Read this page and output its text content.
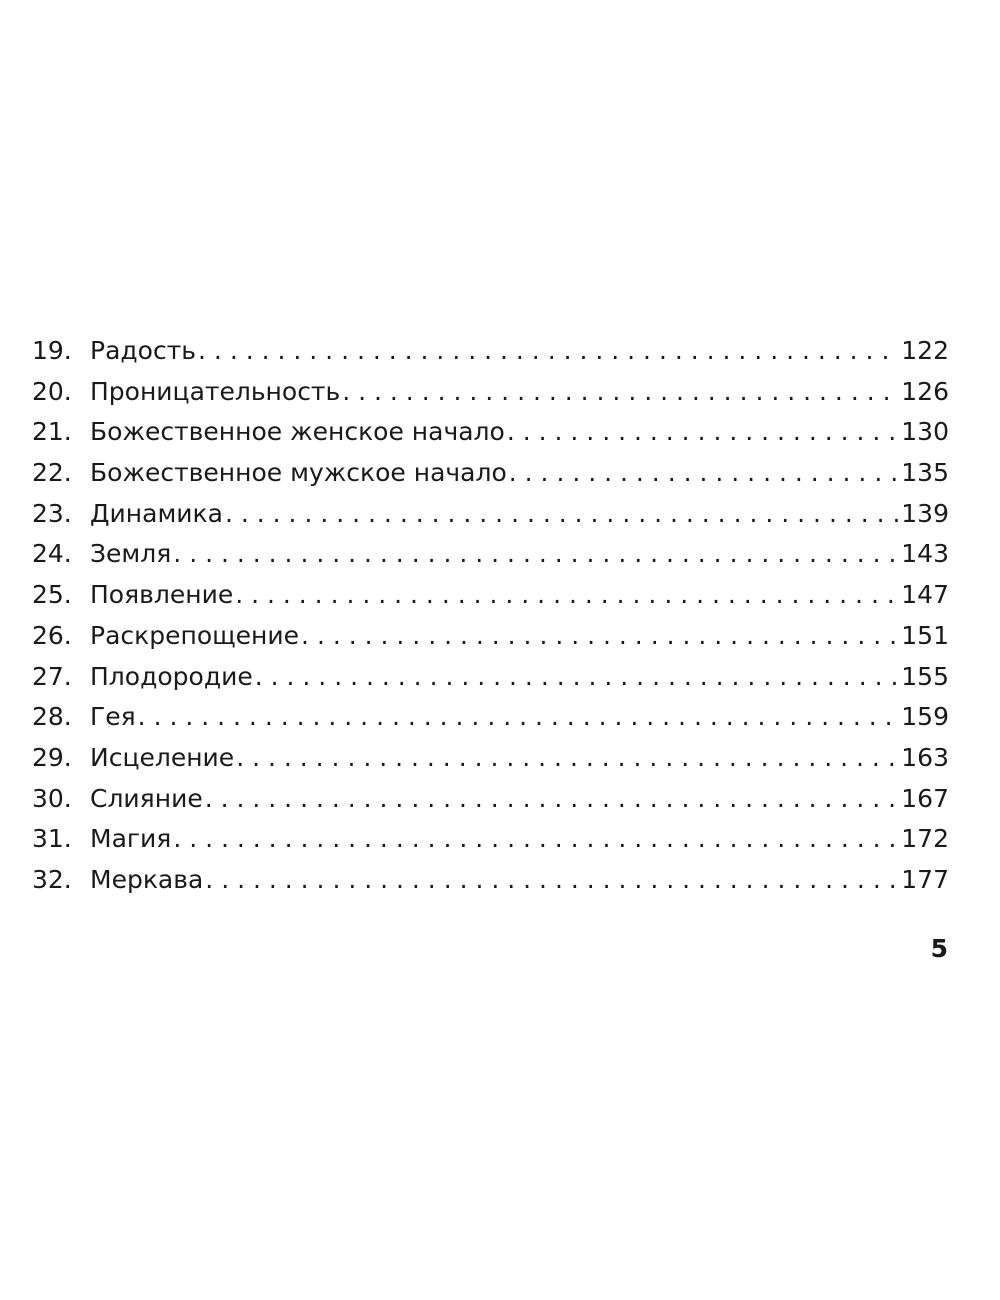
19. Радость . . .	122
20. Проницательность . . .	126
21. Божественное женское начало . . .	130
22. Божественное мужское начало . . .	135
23. Динамика . . .	139
24. Земля . . .	143
25. Появление . . .	147
26. Раскрепощение . . .	151
27. Плодородие . . .	155
28. Гея . . .	159
29. Исцеление . . .	163
30. Слияние . . .	167
31. Магия . . .	172
32. Меркава . . .	177
5
